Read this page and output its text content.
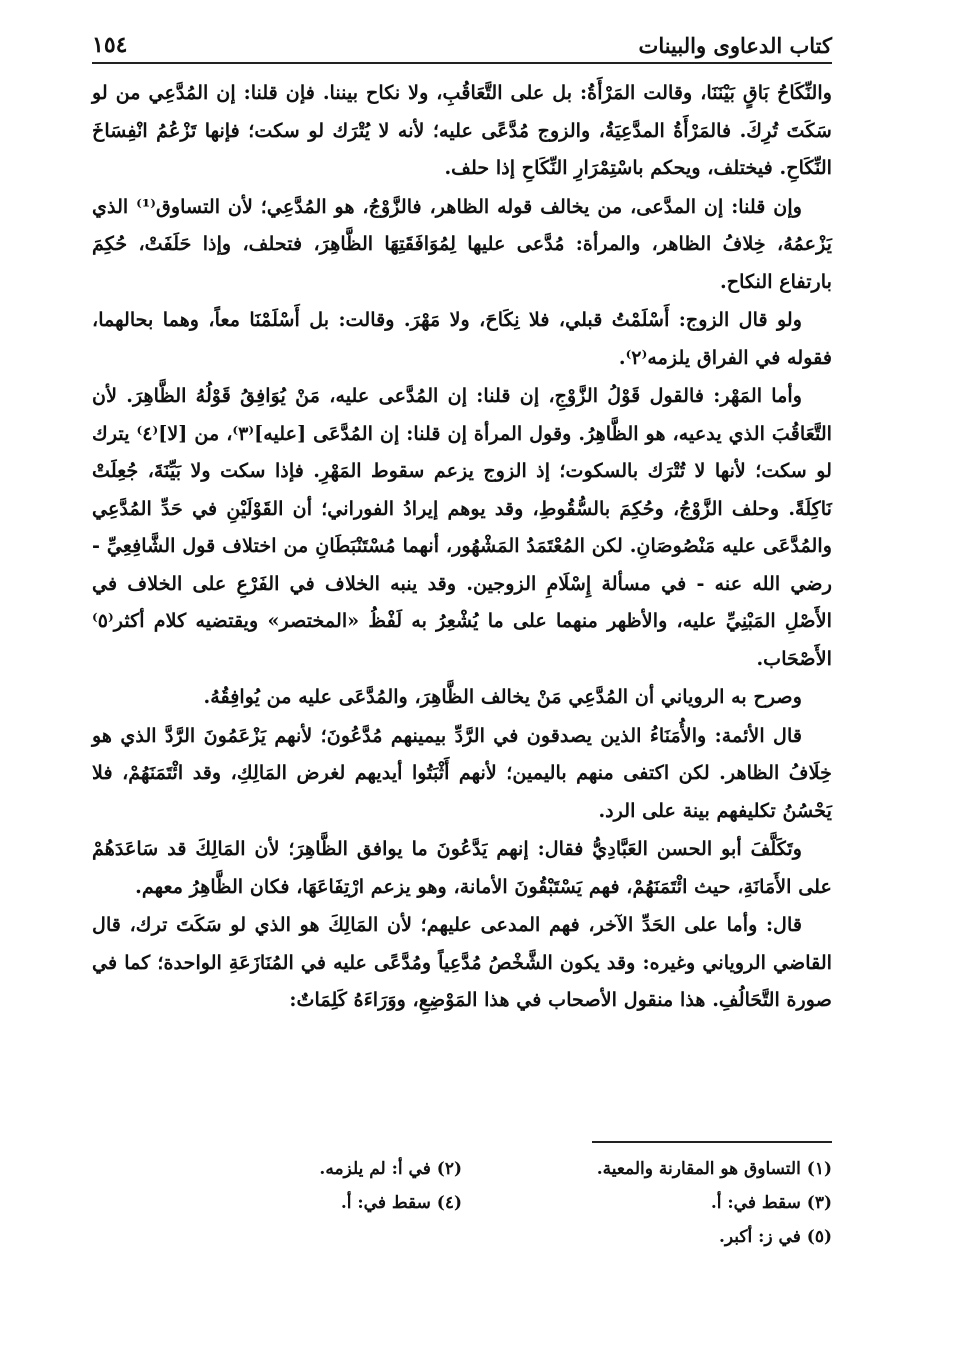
كتاب الدعاوى والبينات
١٥٤

والنِّكَاحُ بَاقٍ بَيْنَنَا، وقالت المَرْأَةُ: بل على التَّعَاقُبِ، ولا نكاح بيننا. فإن قلنا: إن المُدَّعِي من لو سَكَتَ تُرِكَ. فالمَرْأَةُ المدَّعِيَةُ، والزوج مُدَّعًى عليه؛ لأنه لا يُتْرَك لو سكت؛ فإنها تَزْعُمُ انْفِسَاخَ النِّكَاحِ. فيختلف، ويحكم باسْتِمْرَارِ النِّكَاحِ إذا حلف.

وإن قلنا: إن المدَّعى، من يخالف قوله الظاهر، فالزَّوْجُ، هو المُدَّعِي؛ لأن التساوق⁽¹⁾ الذي يَزْعمُهُ، خِلافُ الظاهر، والمرأة: مُدَّعى عليها لِمُوَافَقَتِهَا الظَّاهِرَ، فتحلف، وإذا حَلَفَتْ، حُكِمَ بارتفاع النكاح.

ولو قال الزوج: أَسْلَمْتُ قبلي، فلا نِكَاحَ، ولا مَهْرَ. وقالت: بل أَسْلَمْنَا معاً، وهما بحالهما، فقوله في الفراق يلزمه⁽٢⁾.

وأما المَهْر: فالقول قَوْلُ الزَّوْجِ، إن قلنا: إن المُدَّعى عليه، مَنْ يُوَافِقُ قَوْلُهُ الظَّاهِرَ. لأن التَّعَاقُبَ الذي يدعيه، هو الظَّاهِرُ. وقول المرأة إن قلنا: إن المُدَّعَى [عليه]⁽٣⁾، من [لا]⁽٤⁾ يترك لو سكت؛ لأنها لا تُتْرَك بالسكوت؛ إذ الزوج يزعم سقوط المَهْرِ. فإذا سكت ولا بَيِّنَةَ، جُعِلَتْ نَاكِلَةً. وحلف الزَّوْجُ، وحُكِمَ بالسُّقُوطِ، وقد يوهم إيرادُ الفوراني؛ أن القَوْلَيْنِ في حَدِّ المُدَّعِي والمُدَّعَى عليه مَنْصُوصَانِ. لكن المُعْتَمَدُ المَشْهُور، أنهما مُسْتَنْبَطَانِ من اختلاف قول الشَّافِعِيِّ - رضي الله عنه - في مسألة إِسْلَامِ الزوجين. وقد ينبه الخلاف في الفَرْعِ على الخلاف في الأَصْلِ المَبْنِيِّ عليه، والأظهر منهما على ما يُشْعِرُ به لَفْظُ «المختصر» ويقتضيه كلام أكثر⁽٥⁾ الأَصْحَاب.

وصرح به الروياني أن المُدَّعِي مَنْ يخالف الظَّاهِرَ، والمُدَّعَى عليه من يُوافِقُهُ.

قال الأئمة: والأُمَنَاءُ الذين يصدقون في الرَّدِّ بيمينهم مُدَّعُونَ؛ لأنهم يَزْعَمُونَ الرَّدَّ الذي هو خِلَافُ الظاهر. لكن اكتفى منهم باليمين؛ لأنهم أَثْبَتُوا أيديهم لغرض المَالِكِ، وقد ائْتَمَنَهُمْ، فلا يَحْسُنُ تكليفهم بينة على الرد.

وتَكَلَّفَ أبو الحسن العَبَّادِيُّ فقال: إنهم يَدَّعُونَ ما يوافق الظَّاهِرَ؛ لأن المَالِكَ قد سَاعَدَهُمْ على الأَمَانَةِ، حيث ائْتَمَنَهُمْ، فهم يَسْتَبْقُونَ الأمانة، وهو يزعم ارْتِفَاعَهَا، فكان الظَّاهِرُ معهم.

قال: وأما على الحَدِّ الآخر، فهم المدعى عليهم؛ لأن المَالِكَ هو الذي لو سَكَتَ ترك، قال القاضي الروياني وغيره: وقد يكون الشَّخْصُ مُدَّعِياً ومُدَّعًى عليه في المُنَازَعَةِ الواحدة؛ كما في صورة التَّحَالُفِ. هذا منقول الأصحاب في هذا المَوْضِعِ، ووَرَاءَهُ كَلِمَاتٌ:

(١) التساوق هو المقارنة والمعية.
(٢) في أ: لم يلزمه.
(٣) سقط في: أ.
(٤) سقط في: أ.
(٥) في ز: أكبر.
